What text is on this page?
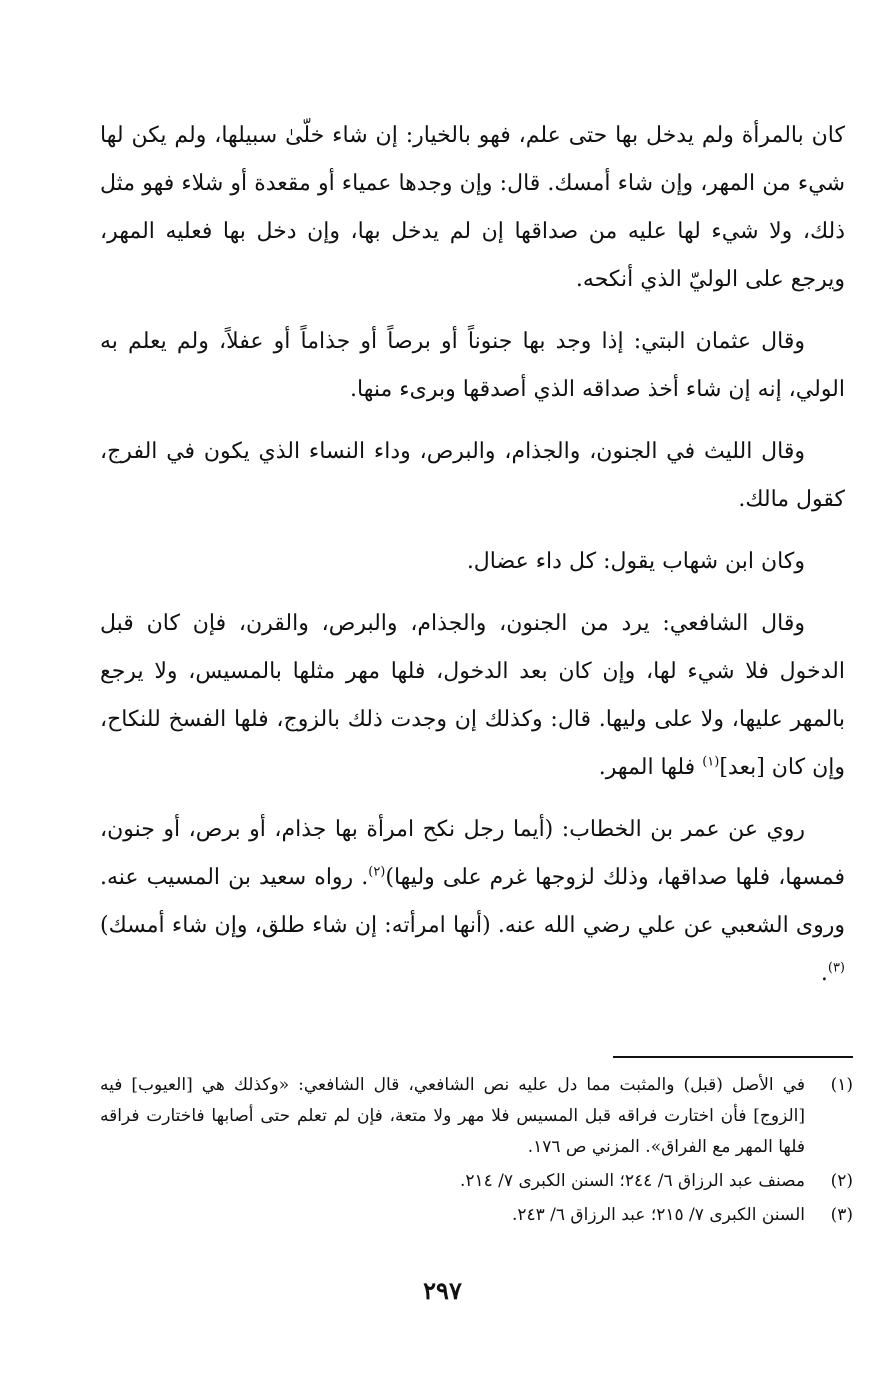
كان بالمرأة ولم يدخل بها حتى علم، فهو بالخيار: إن شاء خلّىٰ سبيلها، ولم يكن لها شيء من المهر، وإن شاء أمسك. قال: وإن وجدها عمياء أو مقعدة أو شلاء فهو مثل ذلك، ولا شيء لها عليه من صداقها إن لم يدخل بها، وإن دخل بها فعليه المهر، ويرجع على الوليّ الذي أنكحه.

وقال عثمان البتي: إذا وجد بها جنوناً أو برصاً أو جذاماً أو عفلاً، ولم يعلم به الولي، إنه إن شاء أخذ صداقه الذي أصدقها وبرىء منها.

وقال الليث في الجنون، والجذام، والبرص، وداء النساء الذي يكون في الفرج، كقول مالك.

وكان ابن شهاب يقول: كل داء عضال.

وقال الشافعي: يرد من الجنون، والجذام، والبرص، والقرن، فإن كان قبل الدخول فلا شيء لها، وإن كان بعد الدخول، فلها مهر مثلها بالمسيس، ولا يرجع بالمهر عليها، ولا على وليها. قال: وكذلك إن وجدت ذلك بالزوج، فلها الفسخ للنكاح، وإن كان [بعد]$^{(١)}$ فلها المهر.

روي عن عمر بن الخطاب: (أيما رجل نكح امرأة بها جذام، أو برص، أو جنون، فمسها، فلها صداقها، وذلك لزوجها غرم على وليها)$^{(٢)}$. رواه سعيد بن المسيب عنه. وروى الشعبي عن علي رضي الله عنه. (أنها امرأته: إن شاء طلق، وإن شاء أمسك)$^{(٣)}$.

(١)
في الأصل (قبل) والمثبت مما دل عليه نص الشافعي، قال الشافعي: «وكذلك هي [العيوب] فيه [الزوج] فأن اختارت فراقه قبل المسيس فلا مهر ولا متعة، فإن لم تعلم حتى أصابها فاختارت فراقه فلها المهر مع الفراق». المزني ص ١٧٦.
(٢)
مصنف عبد الرزاق ٦/ ٢٤٤؛ السنن الكبرى ٧/ ٢١٤.
(٣)
السنن الكبرى ٧/ ٢١٥؛ عبد الرزاق ٦/ ٢٤٣.
٢٩٧
